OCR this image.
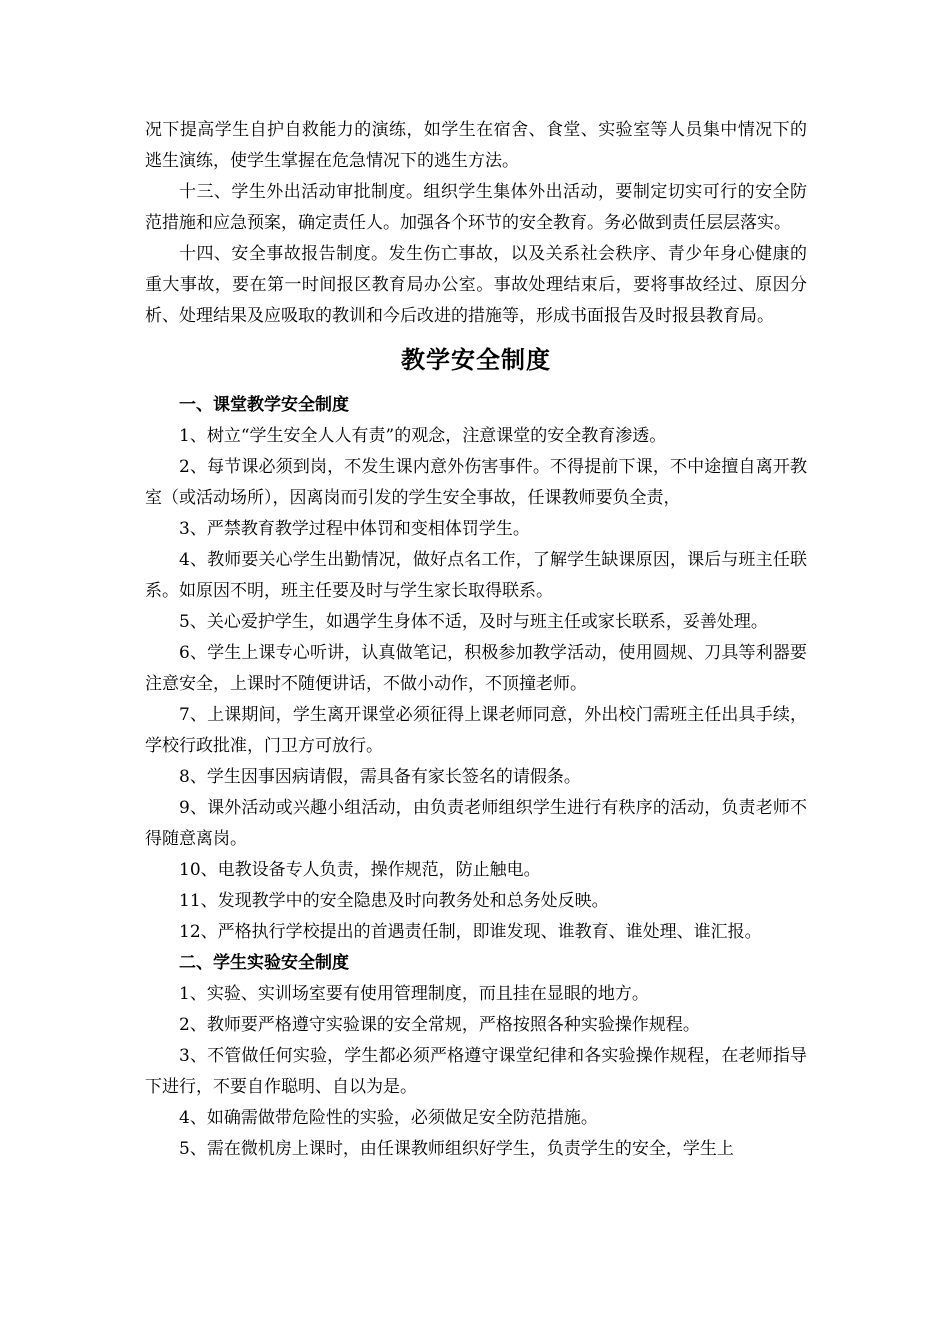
况下提高学生自护自救能力的演练，如学生在宿舍、食堂、实验室等人员集中情况下的逃生演练，使学生掌握在危急情况下的逃生方法。

十三、学生外出活动审批制度。组织学生集体外出活动，要制定切实可行的安全防范措施和应急预案，确定责任人。加强各个环节的安全教育。务必做到责任层层落实。

十四、安全事故报告制度。发生伤亡事故，以及关系社会秩序、青少年身心健康的重大事故，要在第一时间报区教育局办公室。事故处理结束后，要将事故经过、原因分析、处理结果及应吸取的教训和今后改进的措施等，形成书面报告及时报县教育局。

教学安全制度
一、课堂教学安全制度

1、树立“学生安全人人有责”的观念，注意课堂的安全教育渗透。

2、每节课必须到岗，不发生课内意外伤害事件。不得提前下课，不中途擅自离开教室（或活动场所），因离岗而引发的学生安全事故，任课教师要负全责，

3、严禁教育教学过程中体罚和变相体罚学生。

4、教师要关心学生出勤情况，做好点名工作，了解学生缺课原因，课后与班主任联系。如原因不明，班主任要及时与学生家长取得联系。

5、关心爱护学生，如遇学生身体不适，及时与班主任或家长联系，妥善处理。

6、学生上课专心听讲，认真做笔记，积极参加教学活动，使用圆规、刀具等利器要注意安全，上课时不随便讲话，不做小动作，不顶撞老师。

7、上课期间，学生离开课堂必须征得上课老师同意，外出校门需班主任出具手续，学校行政批准，门卫方可放行。

8、学生因事因病请假，需具备有家长签名的请假条。

9、课外活动或兴趣小组活动，由负责老师组织学生进行有秩序的活动，负责老师不得随意离岗。

10、电教设备专人负责，操作规范，防止触电。

11、发现教学中的安全隐患及时向教务处和总务处反映。

12、严格执行学校提出的首遇责任制，即谁发现、谁教育、谁处理、谁汇报。

二、学生实验安全制度

1、实验、实训场室要有使用管理制度，而且挂在显眼的地方。

2、教师要严格遵守实验课的安全常规，严格按照各种实验操作规程。

3、不管做任何实验，学生都必须严格遵守课堂纪律和各实验操作规程，在老师指导下进行，不要自作聪明、自以为是。

4、如确需做带危险性的实验，必须做足安全防范措施。

5、需在微机房上课时，由任课教师组织好学生，负责学生的安全，学生上
